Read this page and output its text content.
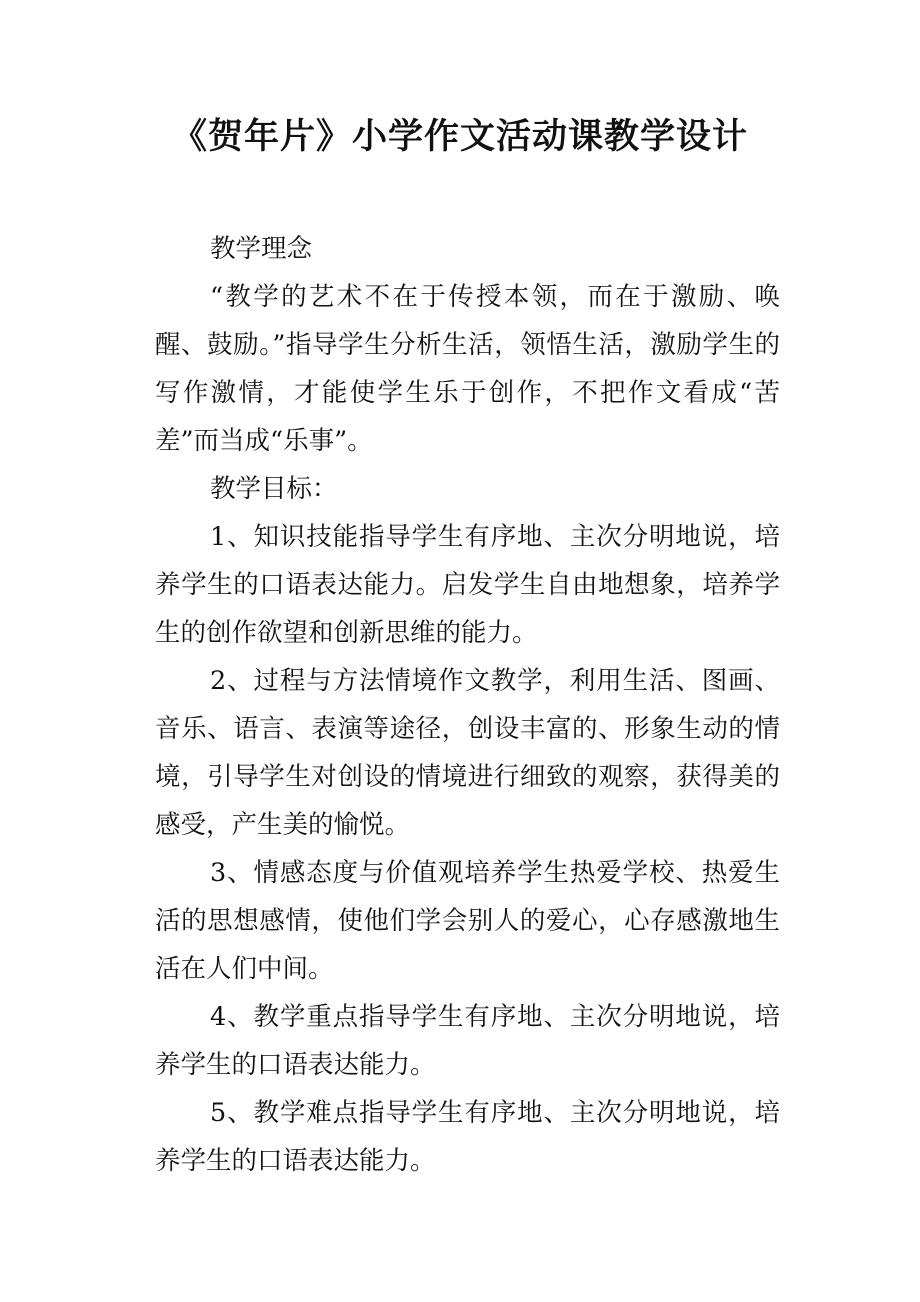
《贺年片》小学作文活动课教学设计

教学理念

“教学的艺术不在于传授本领，而在于激励、唤醒、鼓励。”指导学生分析生活，领悟生活，激励学生的写作激情，才能使学生乐于创作，不把作文看成“苦差”而当成“乐事”。

教学目标：

1、知识技能指导学生有序地、主次分明地说，培养学生的口语表达能力。启发学生自由地想象，培养学生的创作欲望和创新思维的能力。

2、过程与方法情境作文教学，利用生活、图画、音乐、语言、表演等途径，创设丰富的、形象生动的情境，引导学生对创设的情境进行细致的观察，获得美的感受，产生美的愉悦。

3、情感态度与价值观培养学生热爱学校、热爱生活的思想感情，使他们学会别人的爱心，心存感激地生活在人们中间。

4、教学重点指导学生有序地、主次分明地说，培养学生的口语表达能力。

5、教学难点指导学生有序地、主次分明地说，培养学生的口语表达能力。
